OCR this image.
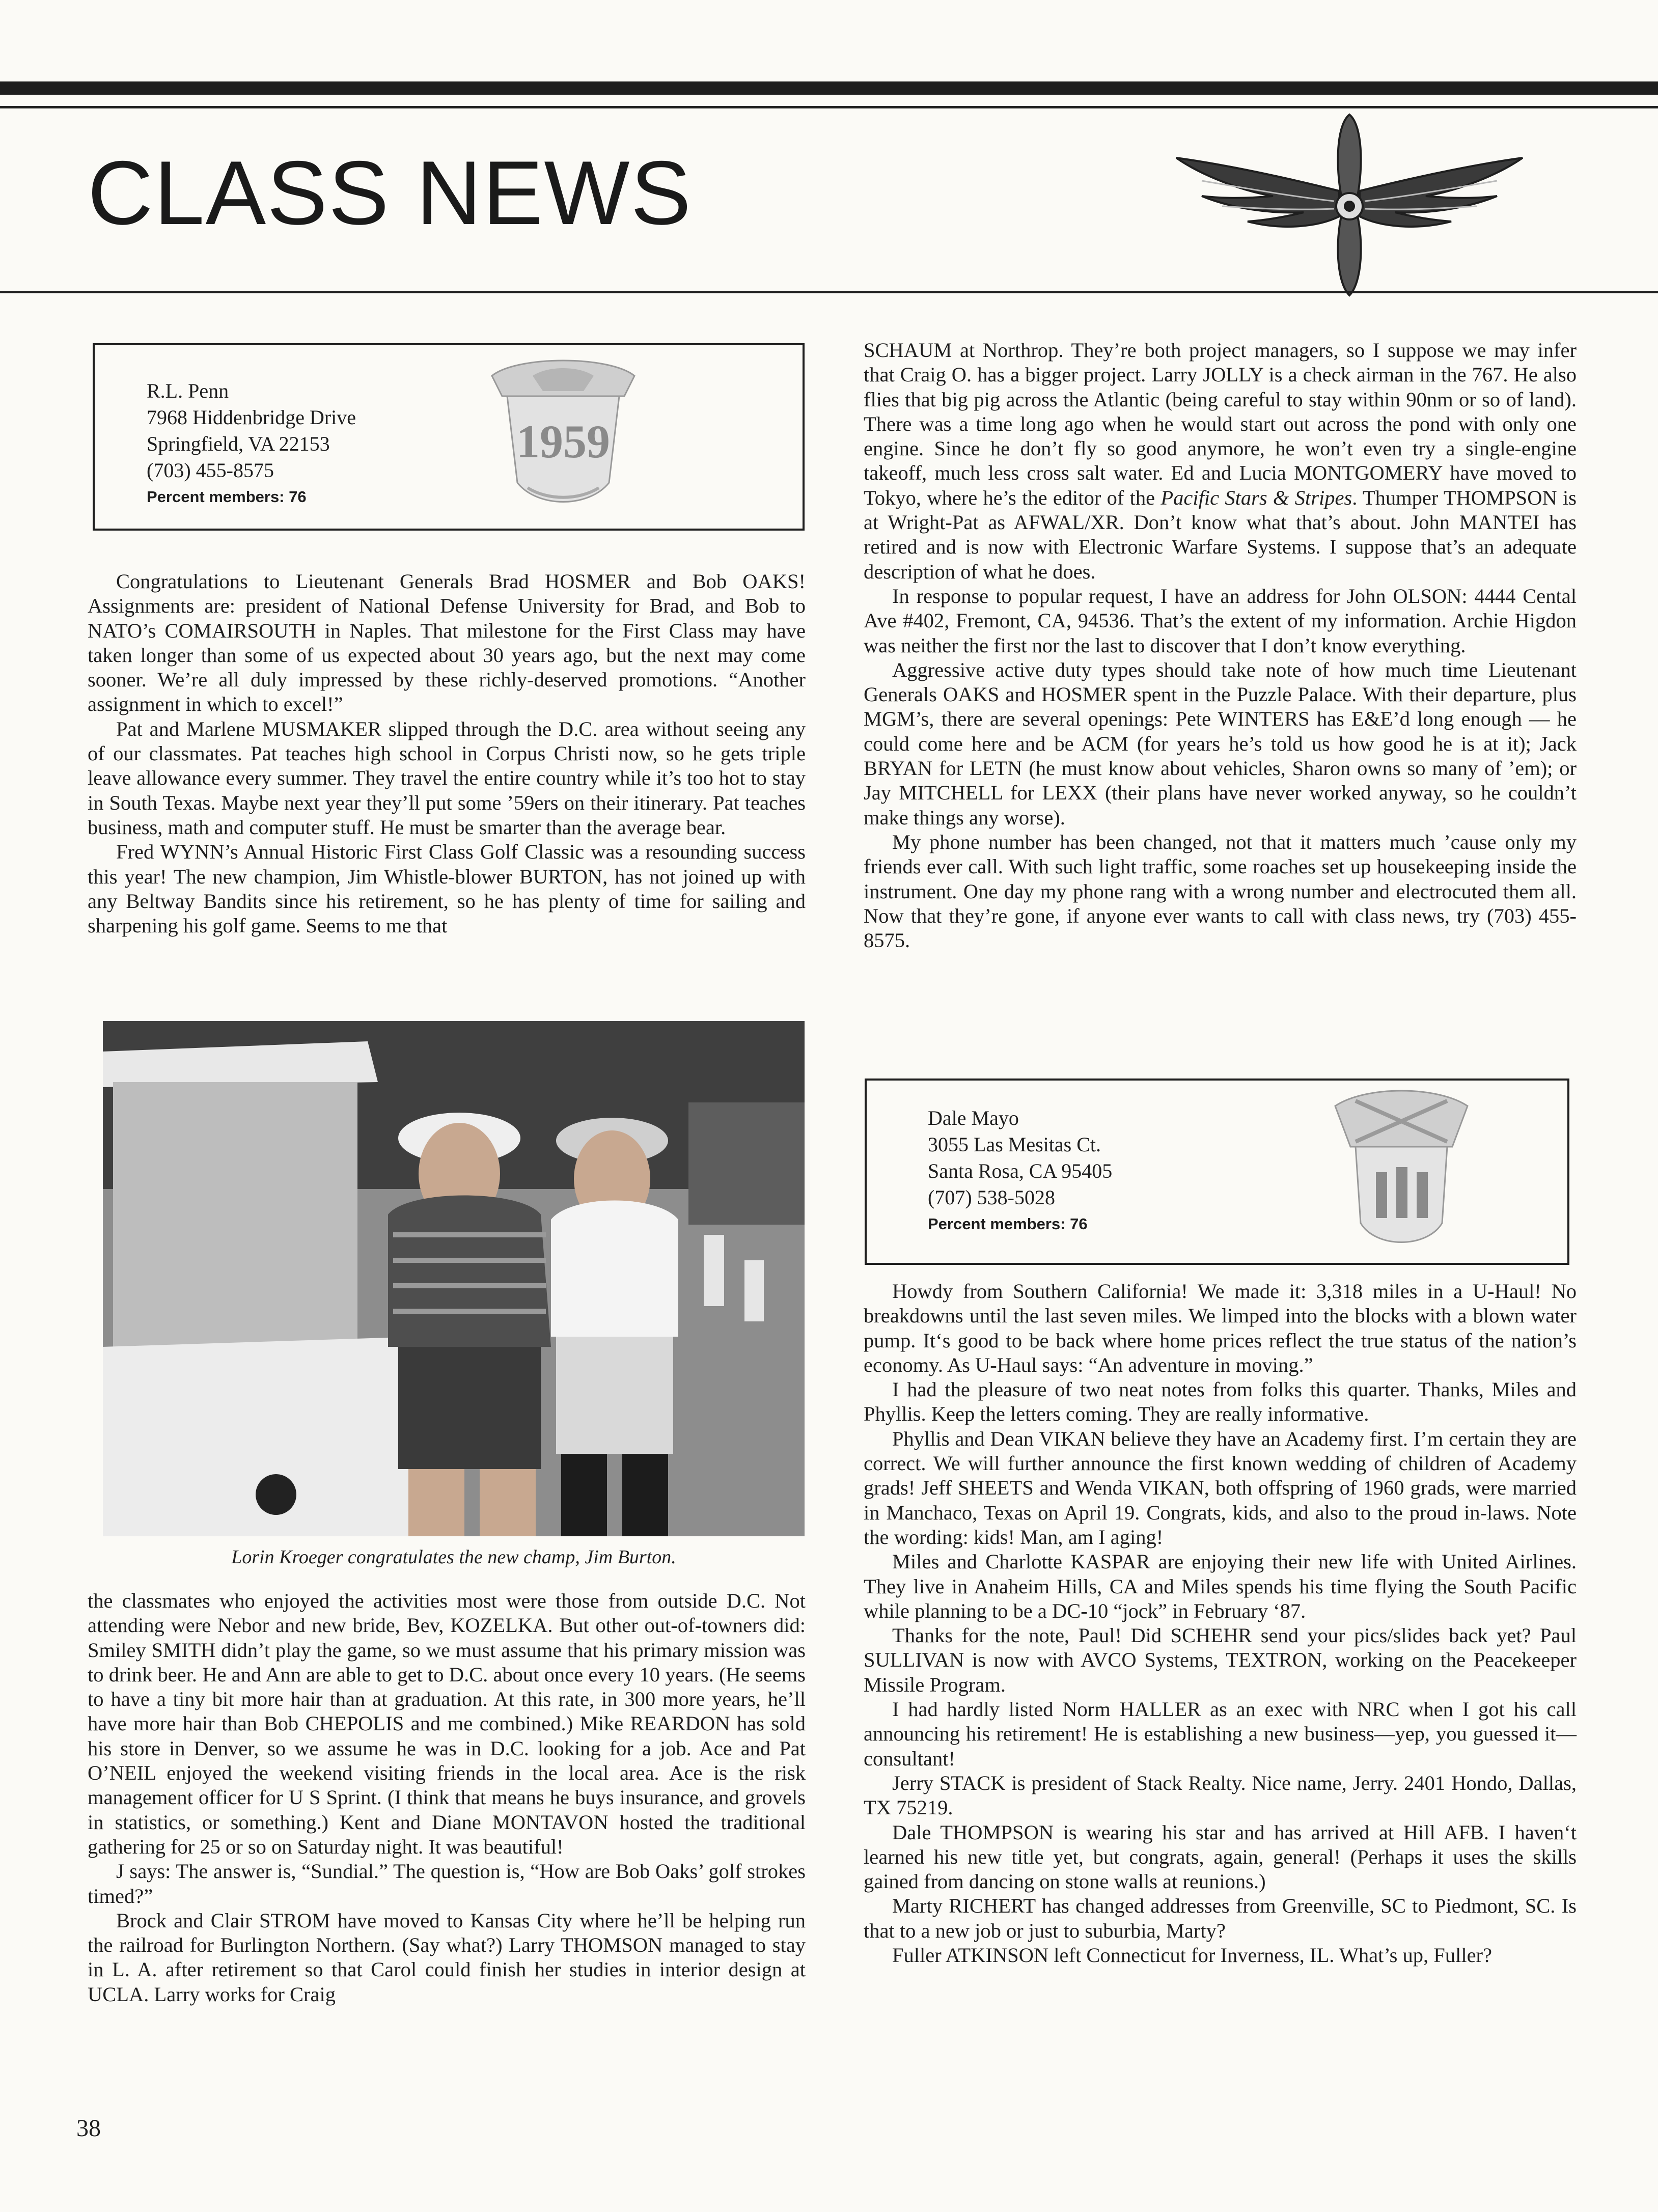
CLASS NEWS
R.L. Penn
7968 Hiddenbridge Drive
Springfield, VA 22153
(703) 455-8575
Percent members: 76
1959

Congratulations to Lieutenant Generals Brad HOSMER and Bob OAKS! Assignments are: president of National Defense University for Brad, and Bob to NATO’s COMAIRSOUTH in Naples. That milestone for the First Class may have taken longer than some of us expected about 30 years ago, but the next may come sooner. We’re all duly impressed by these richly-deserved promotions. “Another assignment in which to excel!”

Pat and Marlene MUSMAKER slipped through the D.C. area without seeing any of our classmates. Pat teaches high school in Corpus Christi now, so he gets triple leave allowance every summer. They travel the entire country while it’s too hot to stay in South Texas. Maybe next year they’ll put some ’59ers on their itinerary. Pat teaches business, math and computer stuff. He must be smarter than the average bear.

Fred WYNN’s Annual Historic First Class Golf Classic was a resounding success this year! The new champion, Jim Whistle-blower BURTON, has not joined up with any Beltway Bandits since his retirement, so he has plenty of time for sailing and sharpening his golf game. Seems to me that

Lorin Kroeger congratulates the new champ, Jim Burton.

the classmates who enjoyed the activities most were those from outside D.C. Not attending were Nebor and new bride, Bev, KOZELKA. But other out-of-towners did: Smiley SMITH didn’t play the game, so we must assume that his primary mission was to drink beer. He and Ann are able to get to D.C. about once every 10 years. (He seems to have a tiny bit more hair than at graduation. At this rate, in 300 more years, he’ll have more hair than Bob CHEPOLIS and me combined.) Mike REARDON has sold his store in Denver, so we assume he was in D.C. looking for a job. Ace and Pat O’NEIL enjoyed the weekend visiting friends in the local area. Ace is the risk management officer for U S Sprint. (I think that means he buys insurance, and grovels in statistics, or something.) Kent and Diane MONTAVON hosted the traditional gathering for 25 or so on Saturday night. It was beautiful!

J says: The answer is, “Sundial.” The question is, “How are Bob Oaks’ golf strokes timed?”

Brock and Clair STROM have moved to Kansas City where he’ll be helping run the railroad for Burlington Northern. (Say what?) Larry THOMSON managed to stay in L. A. after retirement so that Carol could finish her studies in interior design at UCLA. Larry works for Craig

SCHAUM at Northrop. They’re both project managers, so I suppose we may infer that Craig O. has a bigger project. Larry JOLLY is a check airman in the 767. He also flies that big pig across the Atlantic (being careful to stay within 90nm or so of land). There was a time long ago when he would start out across the pond with only one engine. Since he don’t fly so good anymore, he won’t even try a single-engine takeoff, much less cross salt water. Ed and Lucia MONTGOMERY have moved to Tokyo, where he’s the editor of the Pacific Stars & Stripes. Thumper THOMPSON is at Wright-Pat as AFWAL/XR. Don’t know what that’s about. John MANTEI has retired and is now with Electronic Warfare Systems. I suppose that’s an adequate description of what he does.

In response to popular request, I have an address for John OLSON: 4444 Cental Ave #402, Fremont, CA, 94536. That’s the extent of my information. Archie Higdon was neither the first nor the last to discover that I don’t know everything.

Aggressive active duty types should take note of how much time Lieutenant Generals OAKS and HOSMER spent in the Puzzle Palace. With their departure, plus MGM’s, there are several openings: Pete WINTERS has E&E’d long enough — he could come here and be ACM (for years he’s told us how good he is at it); Jack BRYAN for LETN (he must know about vehicles, Sharon owns so many of ’em); or Jay MITCHELL for LEXX (their plans have never worked anyway, so he couldn’t make things any worse).

My phone number has been changed, not that it matters much ’cause only my friends ever call. With such light traffic, some roaches set up housekeeping inside the instrument. One day my phone rang with a wrong number and electrocuted them all. Now that they’re gone, if anyone ever wants to call with class news, try (703) 455-8575.

Dale Mayo
3055 Las Mesitas Ct.
Santa Rosa, CA 95405
(707) 538-5028
Percent members: 76

Howdy from Southern California! We made it: 3,318 miles in a U-Haul! No breakdowns until the last seven miles. We limped into the blocks with a blown water pump. It‘s good to be back where home prices reflect the true status of the nation’s economy. As U-Haul says: “An adventure in moving.”

I had the pleasure of two neat notes from folks this quarter. Thanks, Miles and Phyllis. Keep the letters coming. They are really informative.

Phyllis and Dean VIKAN believe they have an Academy first. I’m certain they are correct. We will further announce the first known wedding of children of Academy grads! Jeff SHEETS and Wenda VIKAN, both offspring of 1960 grads, were married in Manchaco, Texas on April 19. Congrats, kids, and also to the proud in-laws. Note the wording: kids! Man, am I aging!

Miles and Charlotte KASPAR are enjoying their new life with United Airlines. They live in Anaheim Hills, CA and Miles spends his time flying the South Pacific while planning to be a DC-10 “jock” in February ‘87.

Thanks for the note, Paul! Did SCHEHR send your pics/slides back yet? Paul SULLIVAN is now with AVCO Systems, TEXTRON, working on the Peacekeeper Missile Program.

I had hardly listed Norm HALLER as an exec with NRC when I got his call announcing his retirement! He is establishing a new business—yep, you guessed it—consultant!

Jerry STACK is president of Stack Realty. Nice name, Jerry. 2401 Hondo, Dallas, TX 75219.

Dale THOMPSON is wearing his star and has arrived at Hill AFB. I haven‘t learned his new title yet, but congrats, again, general! (Perhaps it uses the skills gained from dancing on stone walls at reunions.)

Marty RICHERT has changed addresses from Greenville, SC to Piedmont, SC. Is that to a new job or just to suburbia, Marty?

Fuller ATKINSON left Connecticut for Inverness, IL. What’s up, Fuller?

38
